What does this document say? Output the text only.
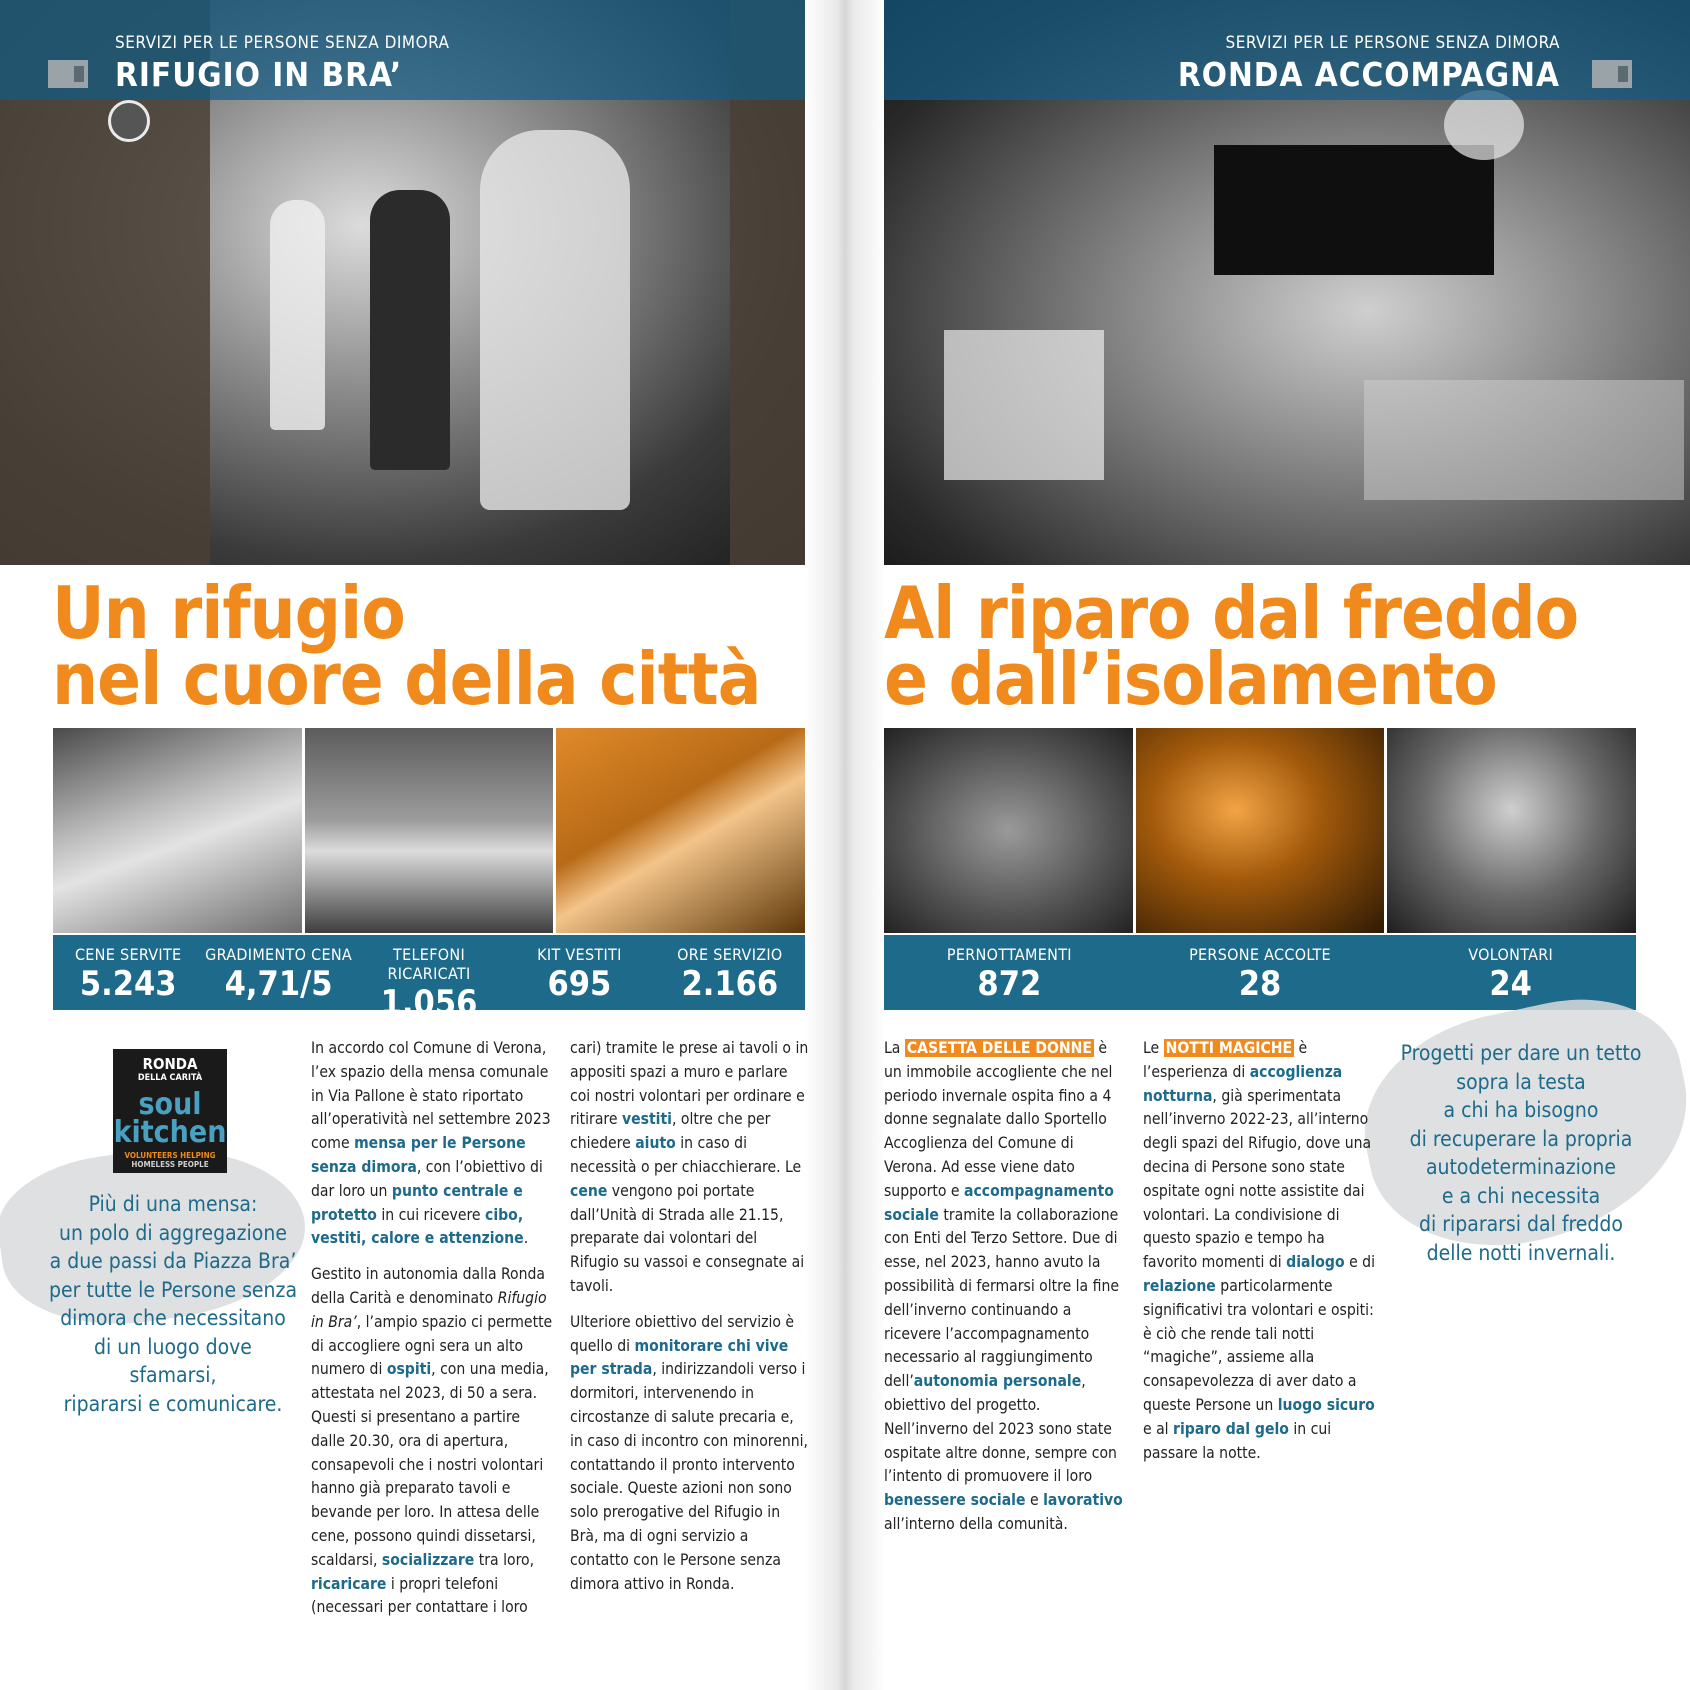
SERVIZI PER LE PERSONE SENZA DIMORA
RIFUGIO IN BRA’
SERVIZI PER LE PERSONE SENZA DIMORA
RONDA ACCOMPAGNA
Un rifugio
nel cuore della città
Al riparo dal freddo
e dall’isolamento
CENE SERVITE
5.243
GRADIMENTO CENA
4,71/5
TELEFONI RICARICATI
1.056
KIT VESTITI
695
ORE SERVIZIO
2.166
PERNOTTAMENTI
872
PERSONE ACCOLTE
28
VOLONTARI
24
RONDA
DELLA CARITÀ
soul kitchen
VOLUNTEERS HELPING
HOMELESS PEOPLE
Più di una mensa:
un polo di aggregazione
a due passi da Piazza Bra’
per tutte le Persone senza
dimora che necessitano
di un luogo dove sfamarsi,
ripararsi e comunicare.
Progetti per dare un tetto
sopra la testa
a chi ha bisogno
di recuperare la propria
autodeterminazione
e a chi necessita
di ripararsi dal freddo
delle notti invernali.

In accordo col Comune di Verona, l’ex spazio della mensa comunale in Via Pallone è stato riportato all’operatività nel settembre 2023 come mensa per le Persone senza dimora, con l’obiettivo di dar loro un punto centrale e protetto in cui ricevere cibo, vestiti, calore e attenzione.

Gestito in autonomia dalla Ronda della Carità e denominato Rifugio in Bra’, l’ampio spazio ci permette di accogliere ogni sera un alto numero di ospiti, con una media, attestata nel 2023, di 50 a sera. Questi si presentano a partire dalle 20.30, ora di apertura, consapevoli che i nostri volontari hanno già preparato tavoli e bevande per loro. In attesa delle cene, possono quindi dissetarsi, scaldarsi, socializzare tra loro, ricaricare i propri telefoni (necessari per contattare i loro

cari) tramite le prese ai tavoli o in appositi spazi a muro e parlare coi nostri volontari per ordinare e ritirare vestiti, oltre che per chiedere aiuto in caso di necessità o per chiacchierare. Le cene vengono poi portate dall’Unità di Strada alle 21.15, preparate dai volontari del Rifugio su vassoi e consegnate ai tavoli.

Ulteriore obiettivo del servizio è quello di monitorare chi vive per strada, indirizzandoli verso i dormitori, intervenendo in circostanze di salute precaria e, in caso di incontro con minorenni, contattando il pronto intervento sociale. Queste azioni non sono solo prerogative del Rifugio in Brà, ma di ogni servizio a contatto con le Persone senza dimora attivo in Ronda.

La CASETTA DELLE DONNE è un immobile accogliente che nel periodo invernale ospita fino a 4 donne segnalate dallo Sportello Accoglienza del Comune di Verona. Ad esse viene dato supporto e accompagnamento sociale tramite la collaborazione con Enti del Terzo Settore. Due di esse, nel 2023, hanno avuto la possibilità di fermarsi oltre la fine dell’inverno continuando a ricevere l’accompagnamento necessario al raggiungimento dell’autonomia personale, obiettivo del progetto. Nell’inverno del 2023 sono state ospitate altre donne, sempre con l’intento di promuovere il loro benessere sociale e lavorativo all’interno della comunità.

Le NOTTI MAGICHE è l’esperienza di accoglienza notturna, già sperimentata nell’inverno 2022-23, all’interno degli spazi del Rifugio, dove una decina di Persone sono state ospitate ogni notte assistite dai volontari. La condivisione di questo spazio e tempo ha favorito momenti di dialogo e di relazione particolarmente significativi tra volontari e ospiti: è ciò che rende tali notti “magiche”, assieme alla consapevolezza di aver dato a queste Persone un luogo sicuro e al riparo dal gelo in cui passare la notte.
